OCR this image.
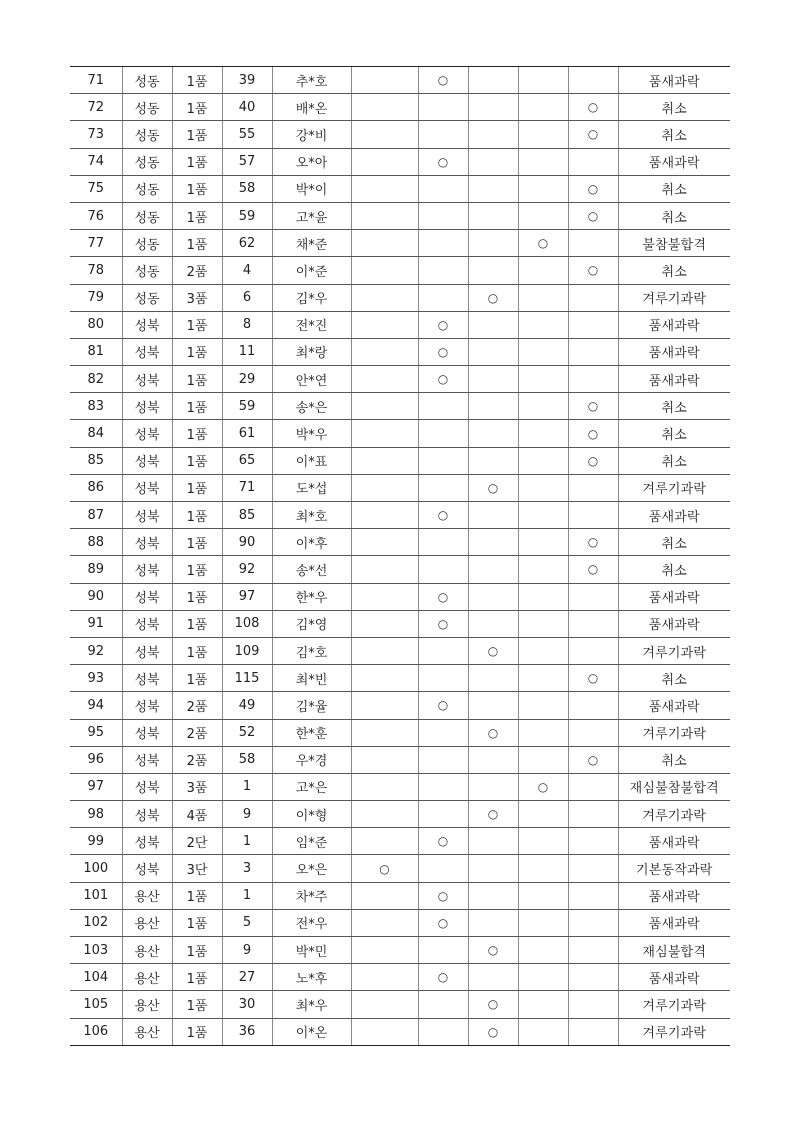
71	성동	1품	39	추*호		○				품새과락
72	성동	1품	40	배*온					○	취소
73	성동	1품	55	강*비					○	취소
74	성동	1품	57	오*아		○				품새과락
75	성동	1품	58	박*이					○	취소
76	성동	1품	59	고*윤					○	취소
77	성동	1품	62	채*준				○		불참불합격
78	성동	2품	4	이*준					○	취소
79	성동	3품	6	김*우			○			겨루기과락
80	성북	1품	8	전*진		○				품새과락
81	성북	1품	11	최*랑		○				품새과락
82	성북	1품	29	안*연		○				품새과락
83	성북	1품	59	송*은					○	취소
84	성북	1품	61	박*우					○	취소
85	성북	1품	65	이*표					○	취소
86	성북	1품	71	도*섭			○			겨루기과락
87	성북	1품	85	최*호		○				품새과락
88	성북	1품	90	이*후					○	취소
89	성북	1품	92	송*선					○	취소
90	성북	1품	97	한*우		○				품새과락
91	성북	1품	108	김*영		○				품새과락
92	성북	1품	109	김*호			○			겨루기과락
93	성북	1품	115	최*빈					○	취소
94	성북	2품	49	김*율		○				품새과락
95	성북	2품	52	한*훈			○			겨루기과락
96	성북	2품	58	우*경					○	취소
97	성북	3품	1	고*은				○		재심불참불합격
98	성북	4품	9	이*형			○			겨루기과락
99	성북	2단	1	임*준		○				품새과락
100	성북	3단	3	오*은	○					기본동작과락
101	용산	1품	1	차*주		○				품새과락
102	용산	1품	5	전*우		○				품새과락
103	용산	1품	9	박*민			○			재심불합격
104	용산	1품	27	노*후		○				품새과락
105	용산	1품	30	최*우			○			겨루기과락
106	용산	1품	36	이*온			○			겨루기과락
